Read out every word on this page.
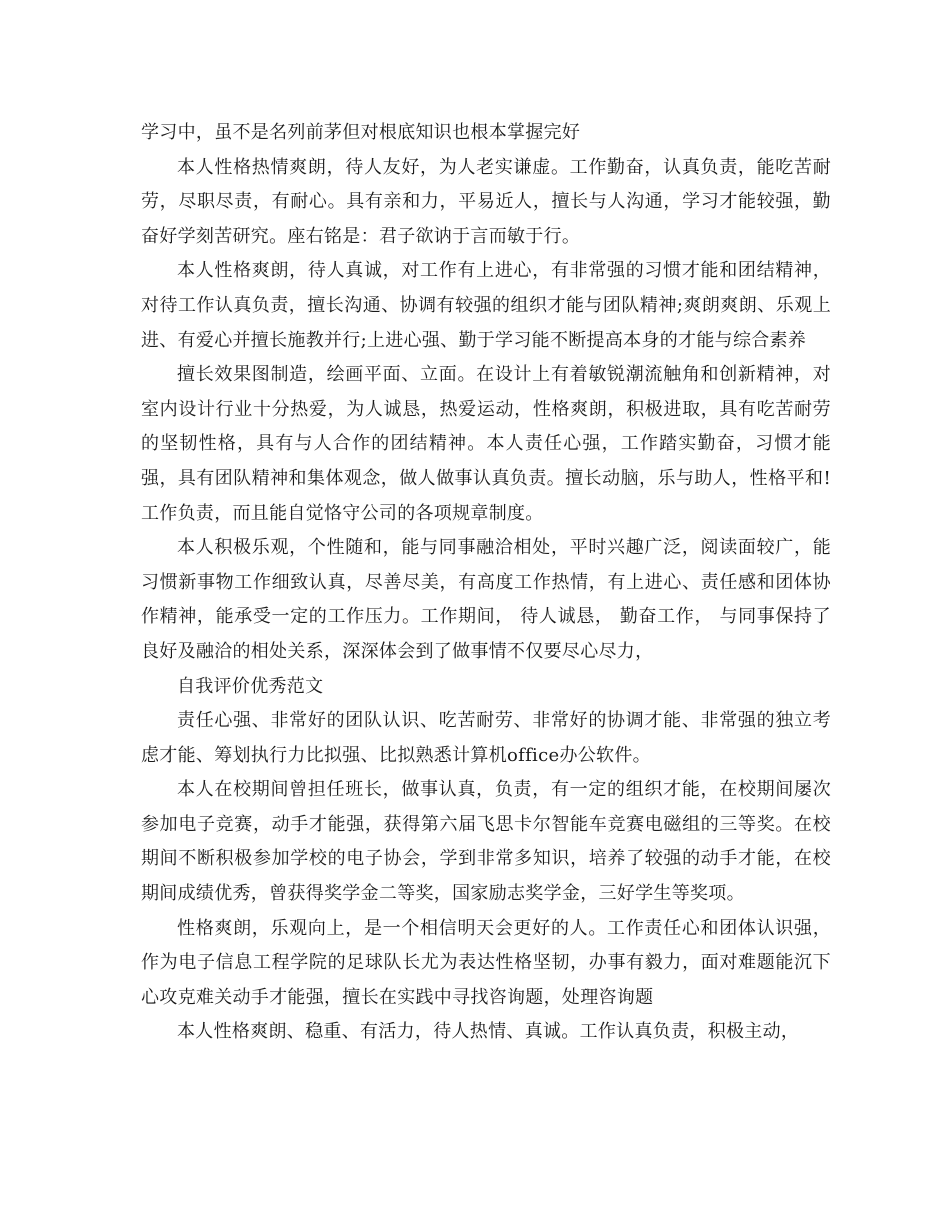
学习中，虽不是名列前茅但对根底知识也根本掌握完好

本人性格热情爽朗，待人友好，为人老实谦虚。工作勤奋，认真负责，能吃苦耐劳，尽职尽责，有耐心。具有亲和力，平易近人，擅长与人沟通，学习才能较强，勤奋好学刻苦研究。座右铭是：君子欲讷于言而敏于行。

本人性格爽朗，待人真诚，对工作有上进心，有非常强的习惯才能和团结精神，对待工作认真负责，擅长沟通、协调有较强的组织才能与团队精神;爽朗爽朗、乐观上进、有爱心并擅长施教并行;上进心强、勤于学习能不断提高本身的才能与综合素养

擅长效果图制造，绘画平面、立面。在设计上有着敏锐潮流触角和创新精神，对室内设计行业十分热爱，为人诚恳，热爱运动，性格爽朗，积极进取，具有吃苦耐劳的坚韧性格，具有与人合作的团结精神。本人责任心强，工作踏实勤奋，习惯才能强，具有团队精神和集体观念，做人做事认真负责。擅长动脑，乐与助人，性格平和!工作负责，而且能自觉恪守公司的各项规章制度。

本人积极乐观，个性随和，能与同事融洽相处，平时兴趣广泛，阅读面较广，能习惯新事物工作细致认真，尽善尽美，有高度工作热情，有上进心、责任感和团体协作精神，能承受一定的工作压力。工作期间， 待人诚恳， 勤奋工作， 与同事保持了良好及融洽的相处关系，深深体会到了做事情不仅要尽心尽力，

自我评价优秀范文

责任心强、非常好的团队认识、吃苦耐劳、非常好的协调才能、非常强的独立考虑才能、筹划执行力比拟强、比拟熟悉计算机office办公软件。

本人在校期间曾担任班长，做事认真，负责，有一定的组织才能，在校期间屡次参加电子竞赛，动手才能强，获得第六届飞思卡尔智能车竞赛电磁组的三等奖。在校期间不断积极参加学校的电子协会，学到非常多知识，培养了较强的动手才能，在校期间成绩优秀，曾获得奖学金二等奖，国家励志奖学金，三好学生等奖项。

性格爽朗，乐观向上，是一个相信明天会更好的人。工作责任心和团体认识强，作为电子信息工程学院的足球队长尤为表达性格坚韧，办事有毅力，面对难题能沉下心攻克难关动手才能强，擅长在实践中寻找咨询题，处理咨询题

本人性格爽朗、稳重、有活力，待人热情、真诚。工作认真负责，积极主动，
